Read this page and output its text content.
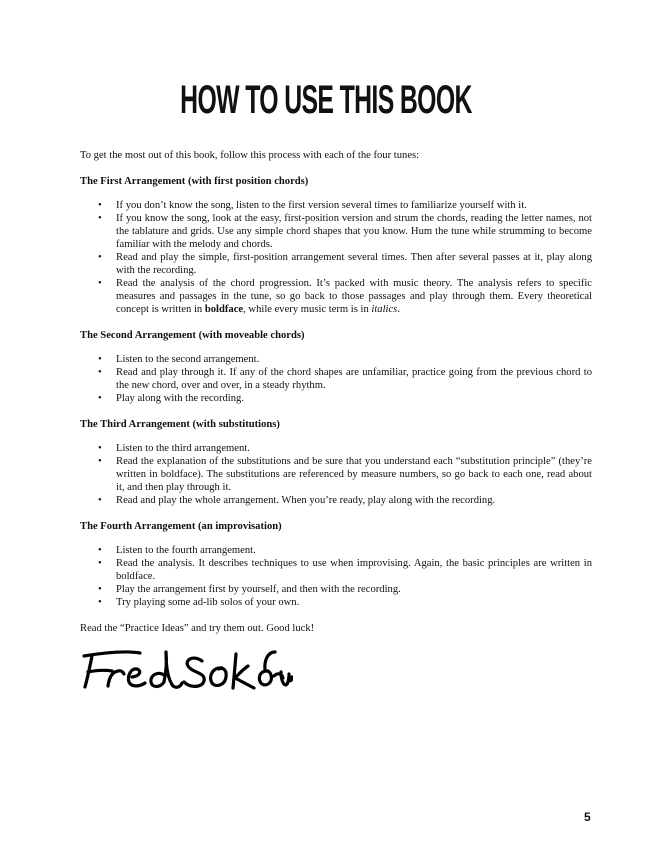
HOW TO USE THIS BOOK

To get the most out of this book, follow this process with each of the four tunes:

The First Arrangement (with first position chords)

• If you don’t know the song, listen to the first version several times to familiarize yourself with it.
• If you know the song, look at the easy, first-position version and strum the chords, reading the letter names, not the tablature and grids. Use any simple chord shapes that you know. Hum the tune while strumming to become familiar with the melody and chords.
• Read and play the simple, first-position arrangement several times. Then after several passes at it, play along with the recording.
• Read the analysis of the chord progression. It’s packed with music theory. The analysis refers to specific measures and passages in the tune, so go back to those passages and play through them. Every theoretical concept is written in boldface, while every music term is in italics.

The Second Arrangement (with moveable chords)

• Listen to the second arrangement.
• Read and play through it. If any of the chord shapes are unfamiliar, practice going from the previous chord to the new chord, over and over, in a steady rhythm.
• Play along with the recording.

The Third Arrangement (with substitutions)

• Listen to the third arrangement.
• Read the explanation of the substitutions and be sure that you understand each “substitution principle” (they’re written in boldface). The substitutions are referenced by measure numbers, so go back to each one, read about it, and then play through it.
• Read and play the whole arrangement. When you’re ready, play along with the recording.

The Fourth Arrangement (an improvisation)

• Listen to the fourth arrangement.
• Read the analysis. It describes techniques to use when improvising. Again, the basic principles are written in boldface.
• Play the arrangement first by yourself, and then with the recording.
• Try playing some ad-lib solos of your own.

Read the “Practice Ideas” and try them out. Good luck!

5
